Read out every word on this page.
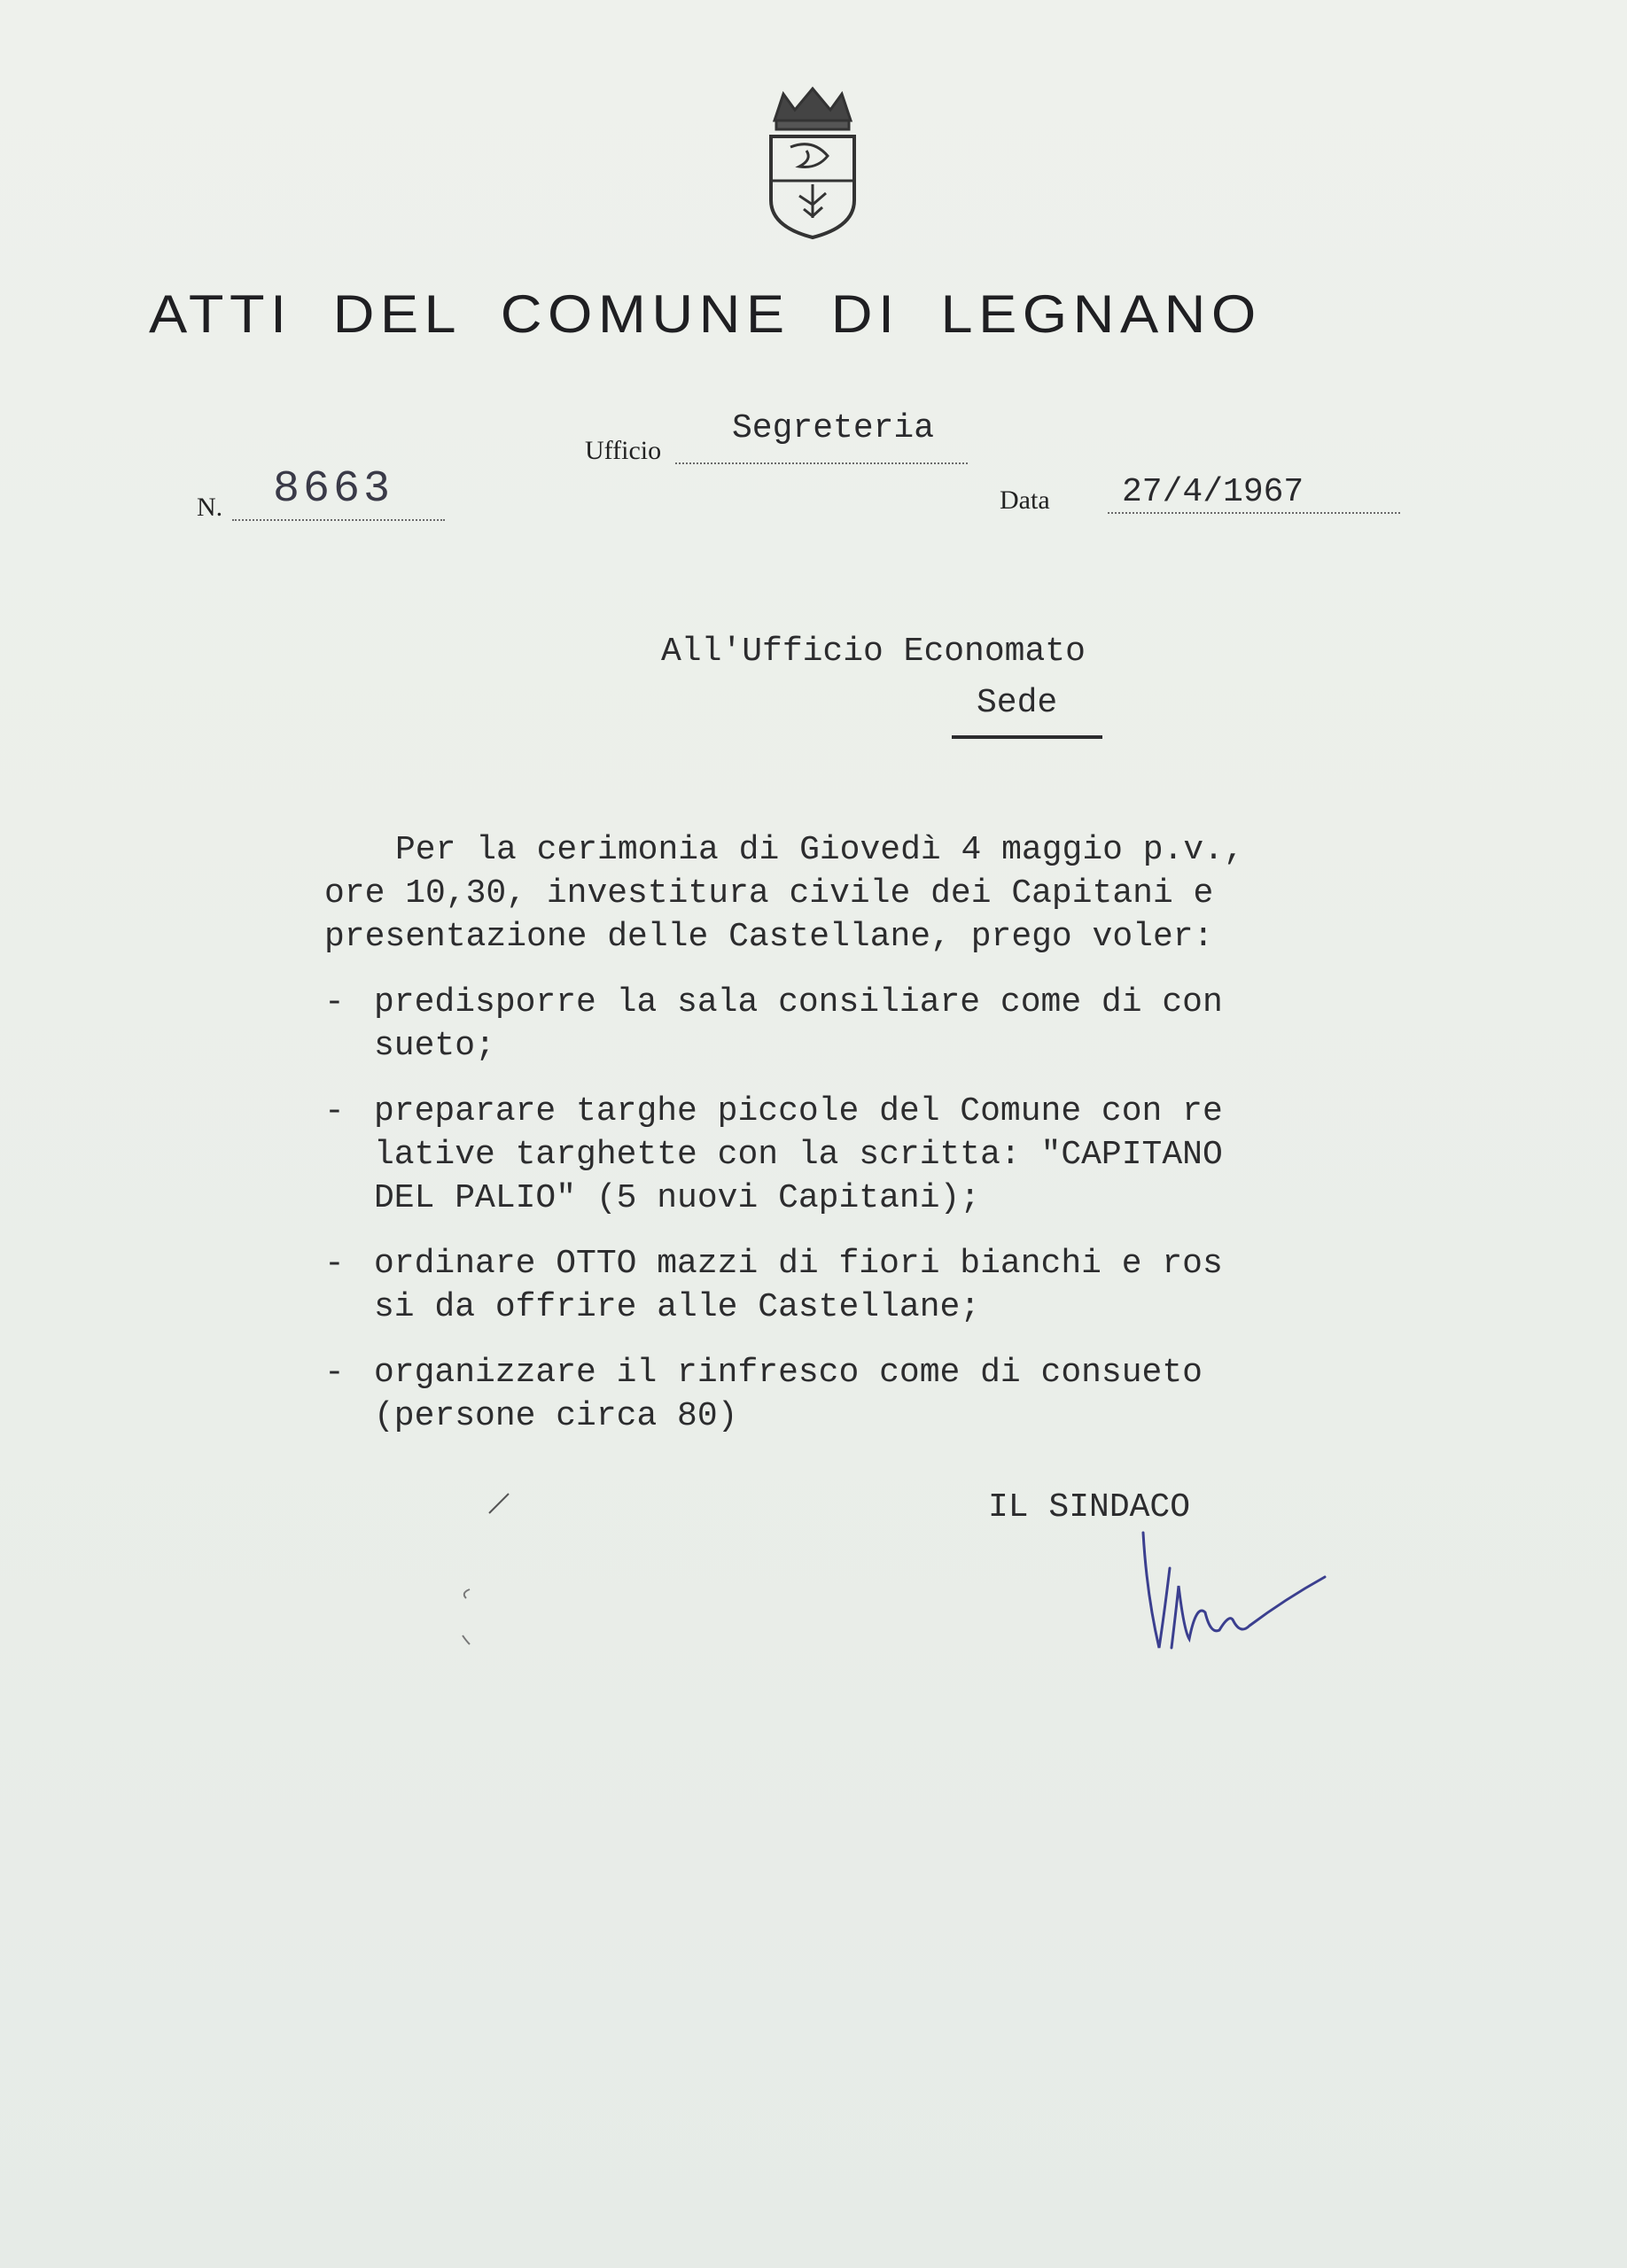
ATTI DEL COMUNE DI LEGNANO
Ufficio
Segreteria
N. 8663	Data 27/4/1967
All'Ufficio Economato
Sede

Per la cerimonia di Giovedì 4 maggio p.v.,

ore 10,30, investitura civile dei Capitani e

presentazione delle Castellane, prego voler:

- predisporre la sala consiliare come di con
sueto;
- preparare targhe piccole del Comune con re
lative targhette con la scritta: "CAPITANO
DEL PALIO" (5 nuovi Capitani);
- ordinare OTTO mazzi di fiori bianchi e ros
si da offrire alle Castellane;
- organizzare il rinfresco come di consueto
(persone circa 80)
IL SINDACO
